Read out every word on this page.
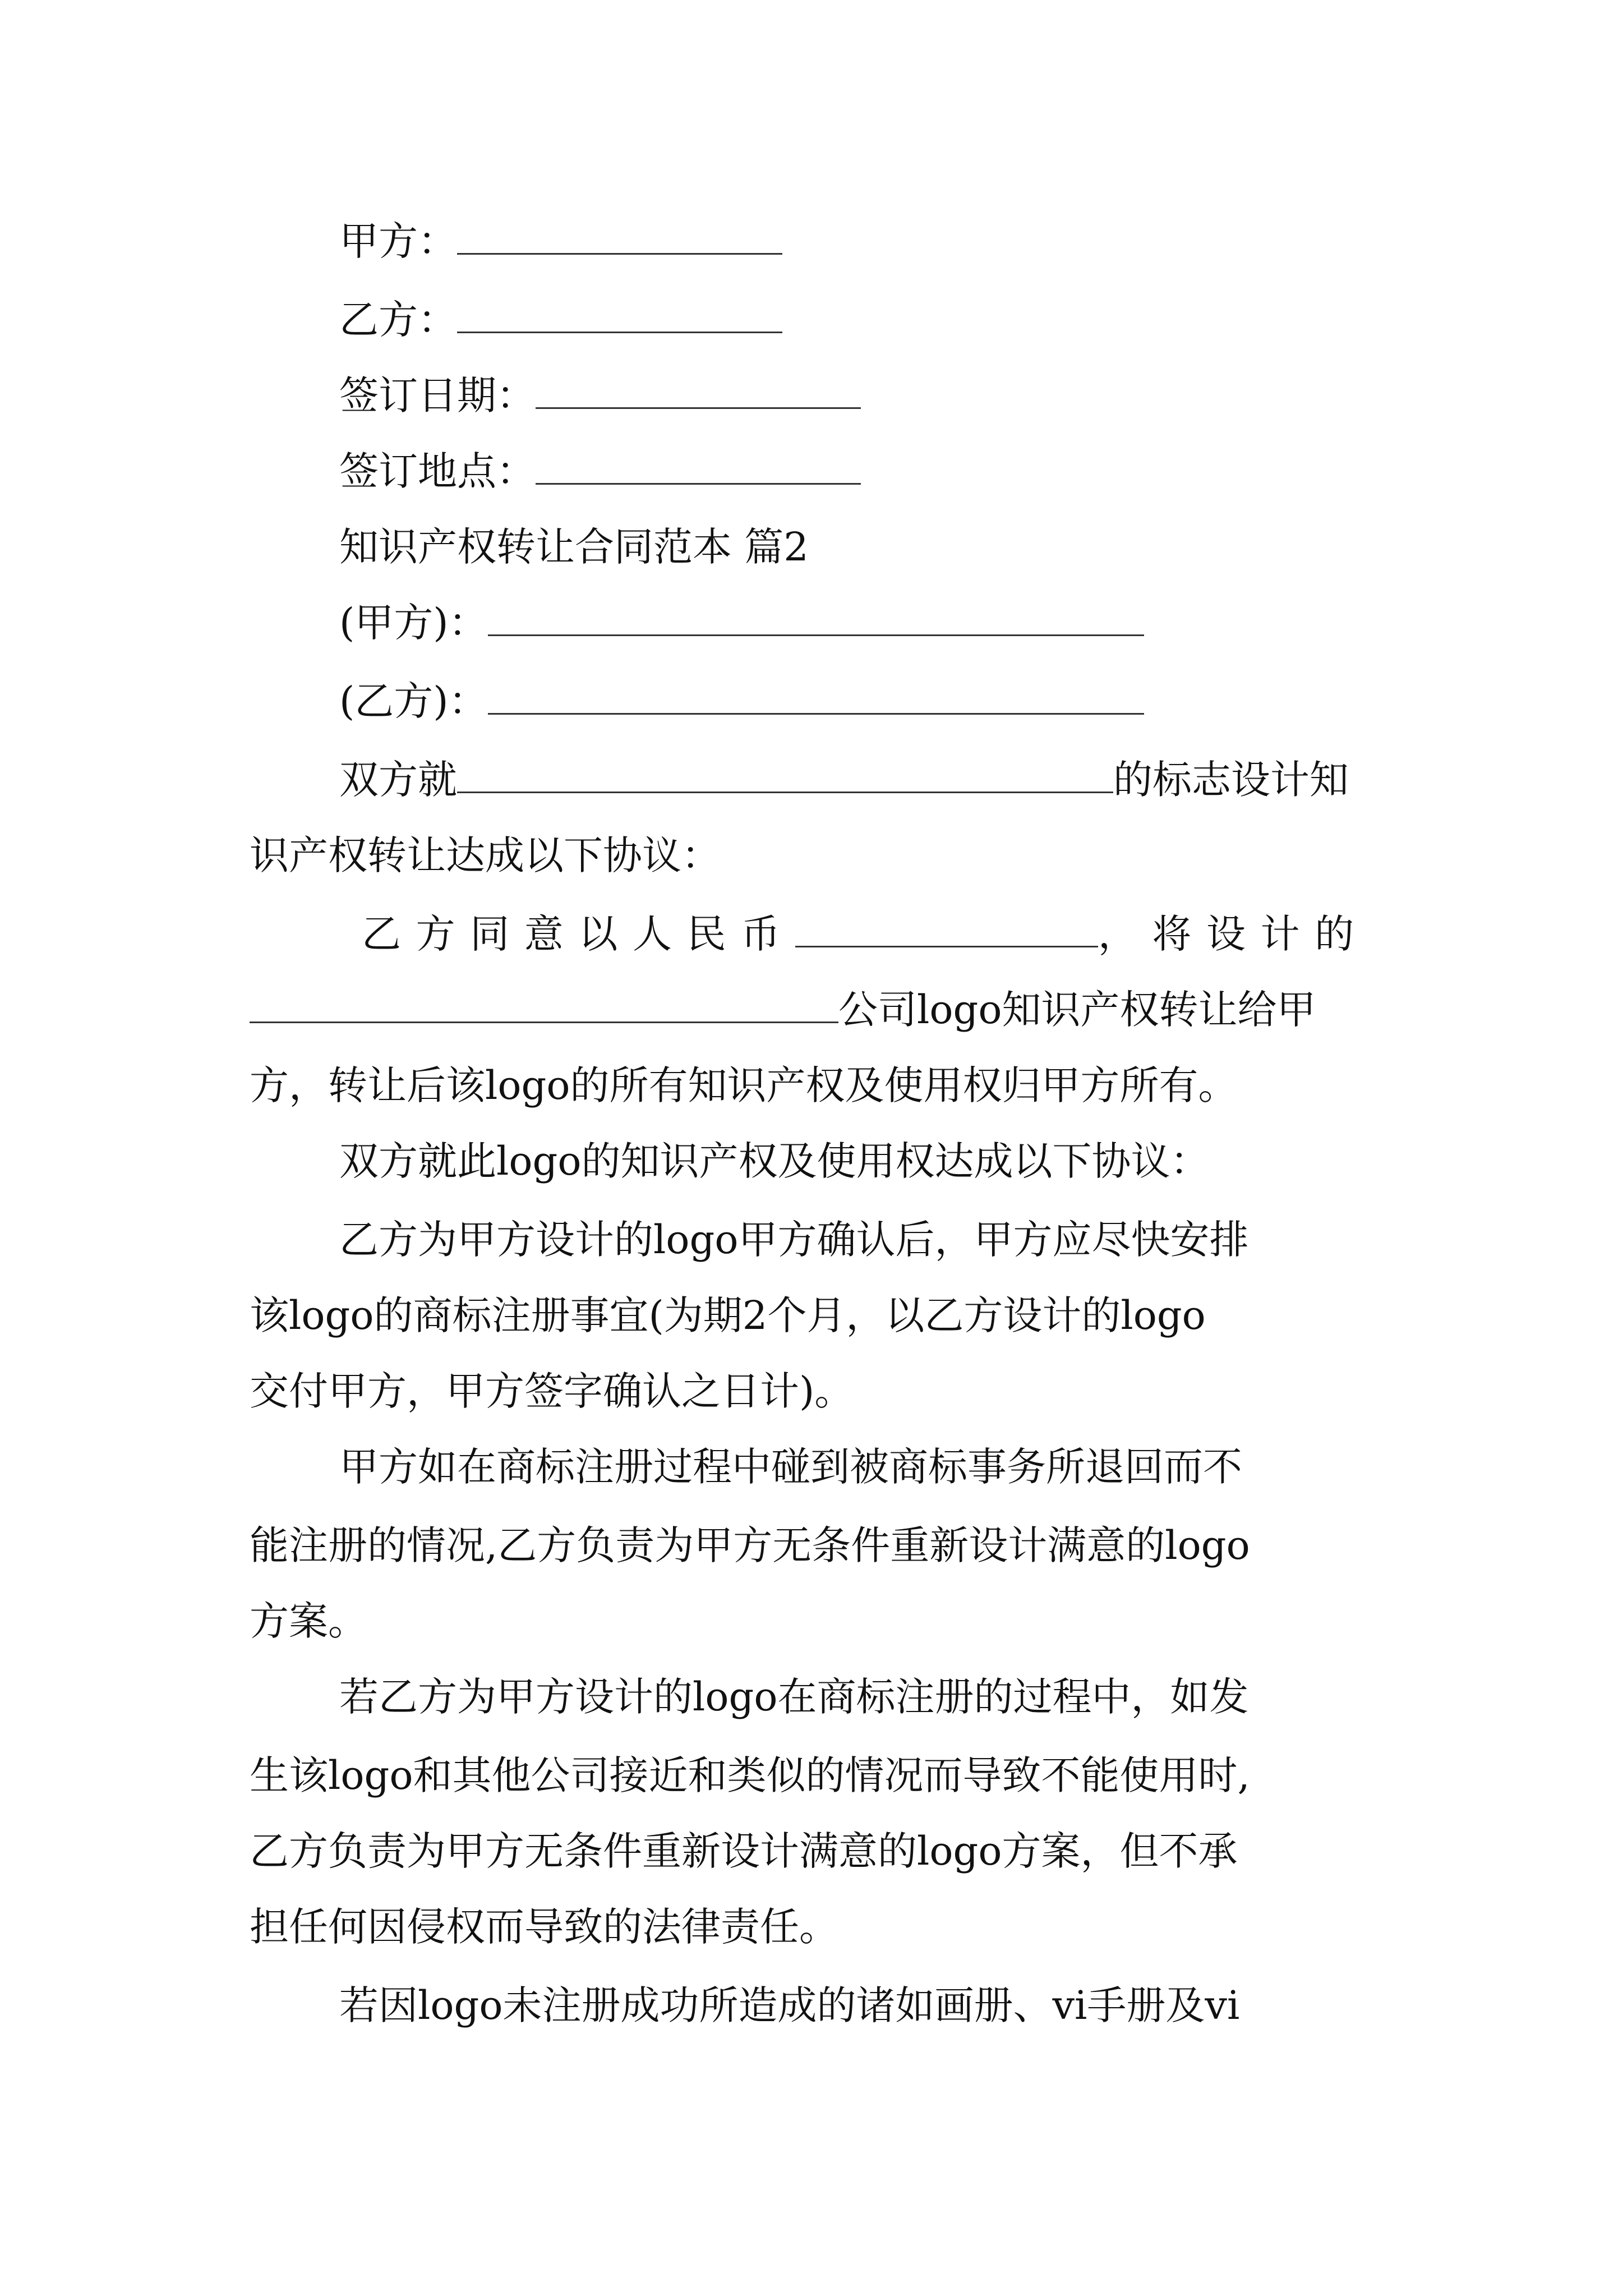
甲方：
乙方：
签订日期：
签订地点：
知识产权转让合同范本 篇2
(甲方)：
(乙方)：
双方就	的标志设计知
识产权转让达成以下协议：
乙方同意以人民币	，将设计的
公司logo知识产权转让给甲
方，转让后该logo的所有知识产权及使用权归甲方所有。
双方就此logo的知识产权及使用权达成以下协议：
乙方为甲方设计的logo甲方确认后，甲方应尽快安排
该logo的商标注册事宜(为期2个月，以乙方设计的logo
交付甲方，甲方签字确认之日计)。
甲方如在商标注册过程中碰到被商标事务所退回而不
能注册的情况,乙方负责为甲方无条件重新设计满意的logo
方案。
若乙方为甲方设计的logo在商标注册的过程中，如发
生该logo和其他公司接近和类似的情况而导致不能使用时,
乙方负责为甲方无条件重新设计满意的logo方案，但不承
担任何因侵权而导致的法律责任。
若因logo未注册成功所造成的诸如画册、vi手册及vi
